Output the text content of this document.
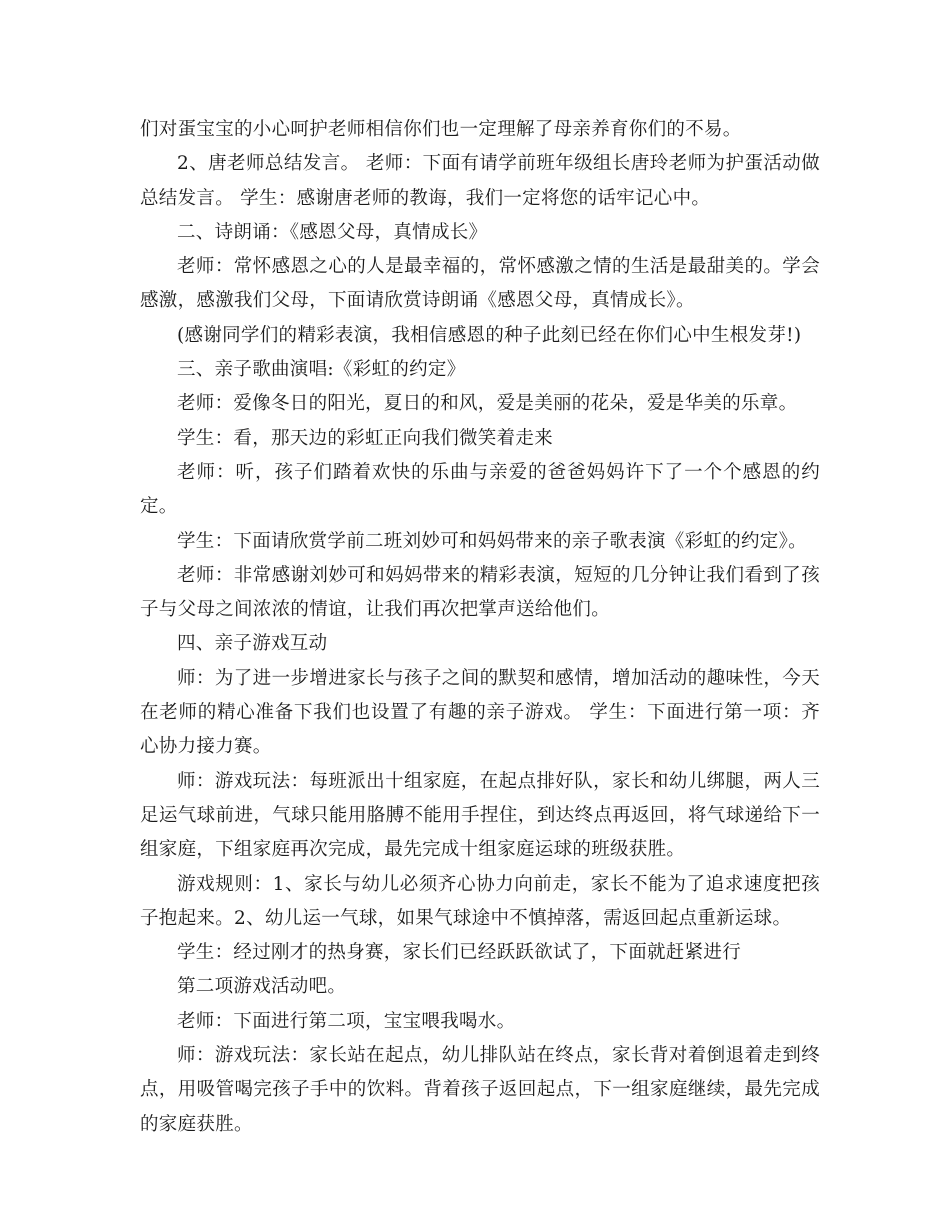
们对蛋宝宝的小心呵护老师相信你们也一定理解了母亲养育你们的不易。

2、唐老师总结发言。 老师：下面有请学前班年级组长唐玲老师为护蛋活动做总结发言。 学生：感谢唐老师的教诲，我们一定将您的话牢记心中。

二、诗朗诵：《感恩父母，真情成长》

老师：常怀感恩之心的人是最幸福的，常怀感激之情的生活是最甜美的。学会感激，感激我们父母，下面请欣赏诗朗诵《感恩父母，真情成长》。

(感谢同学们的精彩表演，我相信感恩的种子此刻已经在你们心中生根发芽!)

三、亲子歌曲演唱:《彩虹的约定》

老师：爱像冬日的阳光，夏日的和风，爱是美丽的花朵，爱是华美的乐章。

学生：看，那天边的彩虹正向我们微笑着走来

老师：听，孩子们踏着欢快的乐曲与亲爱的爸爸妈妈许下了一个个感恩的约定。

学生：下面请欣赏学前二班刘妙可和妈妈带来的亲子歌表演《彩虹的约定》。

老师：非常感谢刘妙可和妈妈带来的精彩表演，短短的几分钟让我们看到了孩子与父母之间浓浓的情谊，让我们再次把掌声送给他们。

四、亲子游戏互动

师：为了进一步增进家长与孩子之间的默契和感情，增加活动的趣味性，今天在老师的精心准备下我们也设置了有趣的亲子游戏。 学生：下面进行第一项：齐心协力接力赛。

师：游戏玩法：每班派出十组家庭，在起点排好队，家长和幼儿绑腿，两人三足运气球前进，气球只能用胳膊不能用手捏住，到达终点再返回，将气球递给下一组家庭，下组家庭再次完成，最先完成十组家庭运球的班级获胜。

游戏规则：1、家长与幼儿必须齐心协力向前走，家长不能为了追求速度把孩子抱起来。2、幼儿运一气球，如果气球途中不慎掉落，需返回起点重新运球。

学生：经过刚才的热身赛，家长们已经跃跃欲试了，下面就赶紧进行

第二项游戏活动吧。

老师：下面进行第二项，宝宝喂我喝水。

师：游戏玩法：家长站在起点，幼儿排队站在终点，家长背对着倒退着走到终点，用吸管喝完孩子手中的饮料。背着孩子返回起点，下一组家庭继续，最先完成的家庭获胜。
